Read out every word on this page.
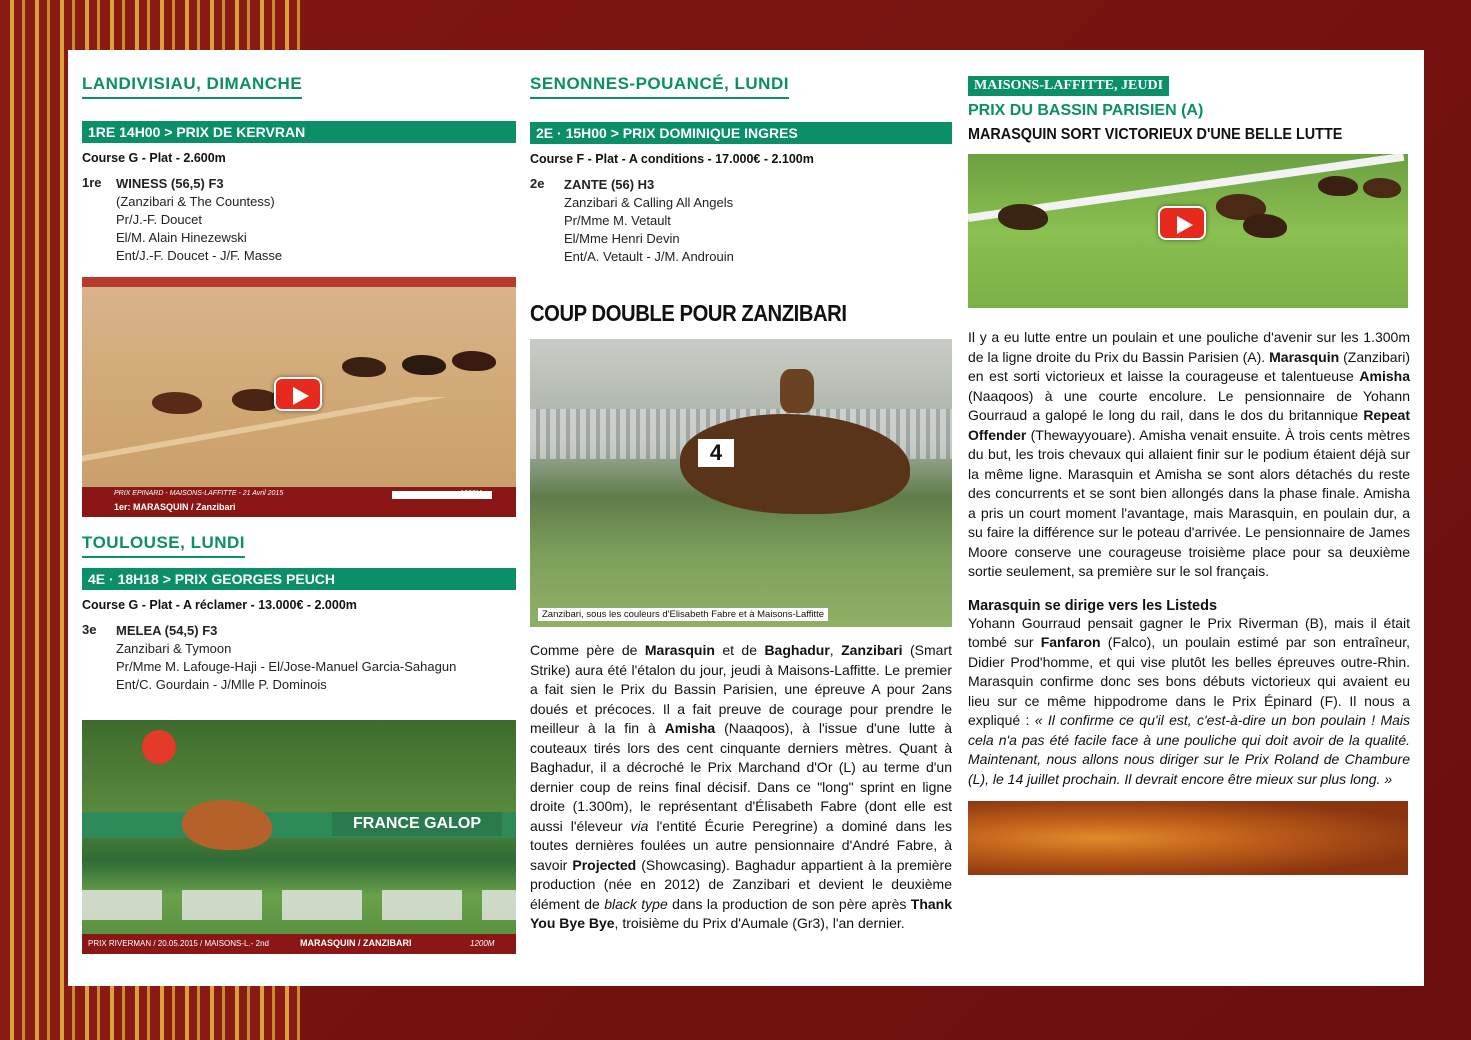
LANDIVISIAU, DIMANCHE
1RE 14H00 > PRIX DE KERVRAN
Course G - Plat - 2.600m
1re	WINESS (56,5) F3
(Zanzibari & The Countess)
Pr/J.-F. Doucet
El/M. Alain Hinezewski
Ent/J.-F. Doucet - J/F. Masse
PRIX EPINARD - MAISONS-LAFFITTE - 21 Avril 2015
1er: MARASQUIN / Zanzibari
1000M
TOULOUSE, LUNDI
4E · 18H18 > PRIX GEORGES PEUCH
Course G - Plat - A réclamer - 13.000€ - 2.000m
3e	MELEA (54,5) F3
Zanzibari & Tymoon
Pr/Mme M. Lafouge-Haji - El/Jose-Manuel Garcia-Sahagun
Ent/C. Gourdain - J/Mlle P. Dominois
FRANCE GALOP
PRIX RIVERMAN / 20.05.2015 / MAISONS-L.- 2nd	MARASQUIN / ZANZIBARI	1200M
SENONNES-POUANCÉ, LUNDI
2E · 15H00 > PRIX DOMINIQUE INGRES
Course F - Plat - A conditions - 17.000€ - 2.100m
2e	ZANTE (56) H3
Zanzibari & Calling All Angels
Pr/Mme M. Vetault
El/Mme Henri Devin
Ent/A. Vetault - J/M. Androuin
COUP DOUBLE POUR ZANZIBARI
4
Zanzibari, sous les couleurs d'Elisabeth Fabre et à Maisons-Laffitte
Comme père de Marasquin et de Baghadur, Zanzibari (Smart Strike) aura été l'étalon du jour, jeudi à Maisons-Laffitte. Le premier a fait sien le Prix du Bassin Parisien, une épreuve A pour 2ans doués et précoces. Il a fait preuve de courage pour prendre le meilleur à la fin à Amisha (Naaqoos), à l'issue d'une lutte à couteaux tirés lors des cent cinquante derniers mètres. Quant à Baghadur, il a décroché le Prix Marchand d'Or (L) au terme d'un dernier coup de reins final décisif. Dans ce "long" sprint en ligne droite (1.300m), le représentant d'Élisabeth Fabre (dont elle est aussi l'éleveur via l'entité Écurie Peregrine) a dominé dans les toutes dernières foulées un autre pensionnaire d'André Fabre, à savoir Projected (Showcasing). Baghadur appartient à la première production (née en 2012) de Zanzibari et devient le deuxième élément de black type dans la production de son père après Thank You Bye Bye, troisième du Prix d'Aumale (Gr3), l'an dernier.
MAISONS-LAFFITTE, JEUDI
PRIX DU BASSIN PARISIEN (A)
MARASQUIN SORT VICTORIEUX D'UNE BELLE LUTTE
Il y a eu lutte entre un poulain et une pouliche d'avenir sur les 1.300m de la ligne droite du Prix du Bassin Parisien (A). Marasquin (Zanzibari) en est sorti victorieux et laisse la courageuse et talentueuse Amisha (Naaqoos) à une courte encolure. Le pensionnaire de Yohann Gourraud a galopé le long du rail, dans le dos du britannique Repeat Offender (Thewayyouare). Amisha venait ensuite. À trois cents mètres du but, les trois chevaux qui allaient finir sur le podium étaient déjà sur la même ligne. Marasquin et Amisha se sont alors détachés du reste des concurrents et se sont bien allongés dans la phase finale. Amisha a pris un court moment l'avantage, mais Marasquin, en poulain dur, a su faire la différence sur le poteau d'arrivée. Le pensionnaire de James Moore conserve une courageuse troisième place pour sa deuxième sortie seulement, sa première sur le sol français.
Marasquin se dirige vers les Listeds
Yohann Gourraud pensait gagner le Prix Riverman (B), mais il était tombé sur Fanfaron (Falco), un poulain estimé par son entraîneur, Didier Prod'homme, et qui vise plutôt les belles épreuves outre-Rhin. Marasquin confirme donc ses bons débuts victorieux qui avaient eu lieu sur ce même hippodrome dans le Prix Épinard (F). Il nous a expliqué : « Il confirme ce qu'il est, c'est-à-dire un bon poulain ! Mais cela n'a pas été facile face à une pouliche qui doit avoir de la qualité. Maintenant, nous allons nous diriger sur le Prix Roland de Chambure (L), le 14 juillet prochain. Il devrait encore être mieux sur plus long. »
